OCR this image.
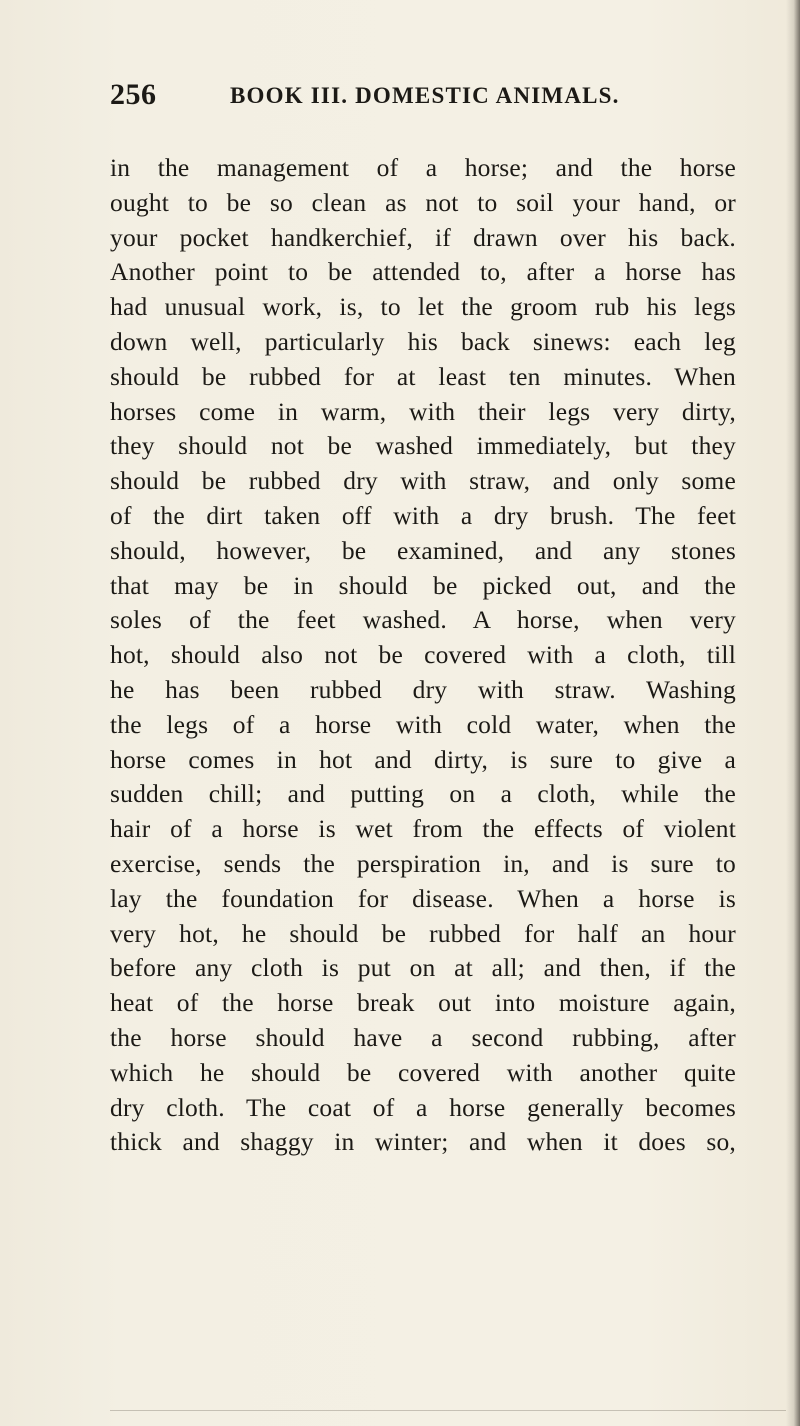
256	BOOK III. DOMESTIC ANIMALS.
in the management of a horse; and the horse
ought to be so clean as not to soil your hand, or
your pocket handkerchief, if drawn over his back.
Another point to be attended to, after a horse has
had unusual work, is, to let the groom rub his legs
down well, particularly his back sinews: each leg
should be rubbed for at least ten minutes. When
horses come in warm, with their legs very dirty,
they should not be washed immediately, but they
should be rubbed dry with straw, and only some
of the dirt taken off with a dry brush. The feet
should, however, be examined, and any stones
that may be in should be picked out, and the
soles of the feet washed. A horse, when very
hot, should also not be covered with a cloth, till
he has been rubbed dry with straw. Washing
the legs of a horse with cold water, when the
horse comes in hot and dirty, is sure to give a
sudden chill; and putting on a cloth, while the
hair of a horse is wet from the effects of violent
exercise, sends the perspiration in, and is sure to
lay the foundation for disease. When a horse is
very hot, he should be rubbed for half an hour
before any cloth is put on at all; and then, if the
heat of the horse break out into moisture again,
the horse should have a second rubbing, after
which he should be covered with another quite
dry cloth. The coat of a horse generally becomes
thick and shaggy in winter; and when it does so,
